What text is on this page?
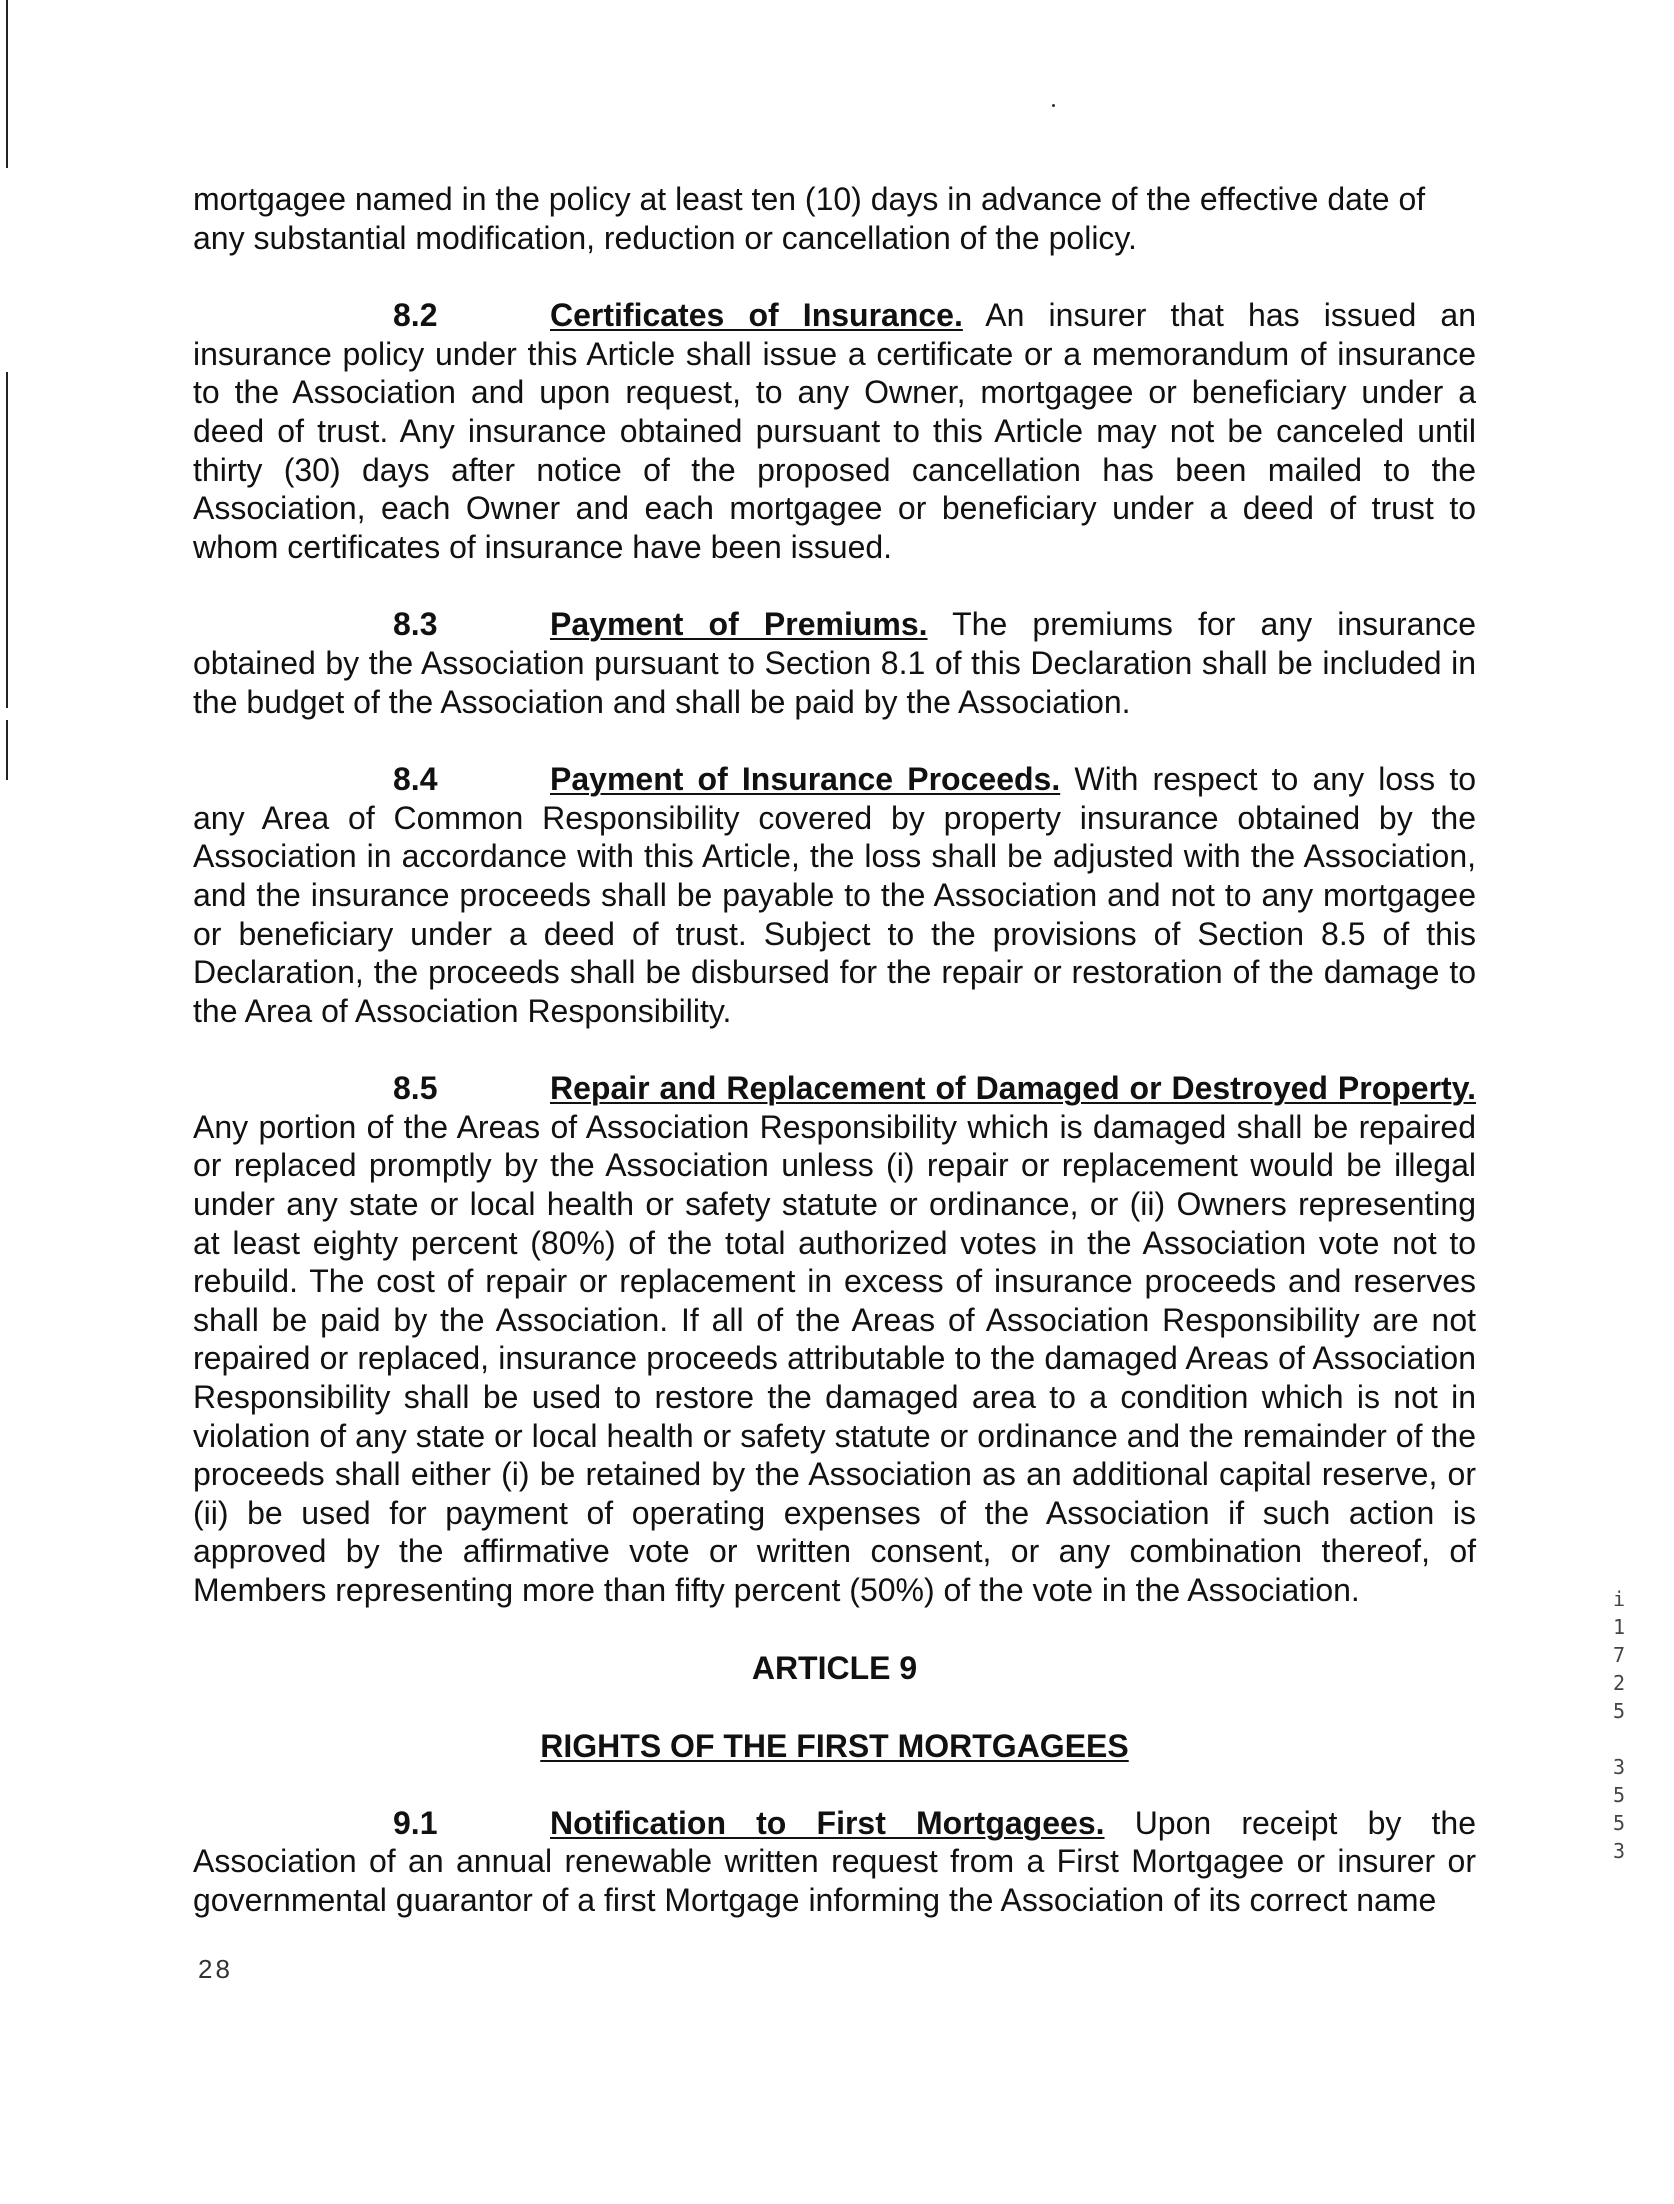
mortgagee named in the policy at least ten (10) days in advance of the effective date of any substantial modification, reduction or cancellation of the policy.

8.2	Certificates of Insurance. An insurer that has issued an insurance policy under this Article shall issue a certificate or a memorandum of insurance to the Association and upon request, to any Owner, mortgagee or beneficiary under a deed of trust. Any insurance obtained pursuant to this Article may not be canceled until thirty (30) days after notice of the proposed cancellation has been mailed to the Association, each Owner and each mortgagee or beneficiary under a deed of trust to whom certificates of insurance have been issued.

8.3	Payment of Premiums. The premiums for any insurance obtained by the Association pursuant to Section 8.1 of this Declaration shall be included in the budget of the Association and shall be paid by the Association.

8.4	Payment of Insurance Proceeds. With respect to any loss to any Area of Common Responsibility covered by property insurance obtained by the Association in accordance with this Article, the loss shall be adjusted with the Association, and the insurance proceeds shall be payable to the Association and not to any mortgagee or beneficiary under a deed of trust. Subject to the provisions of Section 8.5 of this Declaration, the proceeds shall be disbursed for the repair or restoration of the damage to the Area of Association Responsibility.

8.5	Repair and Replacement of Damaged or Destroyed Property. Any portion of the Areas of Association Responsibility which is damaged shall be repaired or replaced promptly by the Association unless (i) repair or replacement would be illegal under any state or local health or safety statute or ordinance, or (ii) Owners representing at least eighty percent (80%) of the total authorized votes in the Association vote not to rebuild. The cost of repair or replacement in excess of insurance proceeds and reserves shall be paid by the Association. If all of the Areas of Association Responsibility are not repaired or replaced, insurance proceeds attributable to the damaged Areas of Association Responsibility shall be used to restore the damaged area to a condition which is not in violation of any state or local health or safety statute or ordinance and the remainder of the proceeds shall either (i) be retained by the Association as an additional capital reserve, or (ii) be used for payment of operating expenses of the Association if such action is approved by the affirmative vote or written consent, or any combination thereof, of Members representing more than fifty percent (50%) of the vote in the Association.

ARTICLE 9

RIGHTS OF THE FIRST MORTGAGEES

9.1	Notification to First Mortgagees. Upon receipt by the Association of an annual renewable written request from a First Mortgagee or insurer or governmental guarantor of a first Mortgage informing the Association of its correct name

28
i
1
7
2
5
3
5
5
3
